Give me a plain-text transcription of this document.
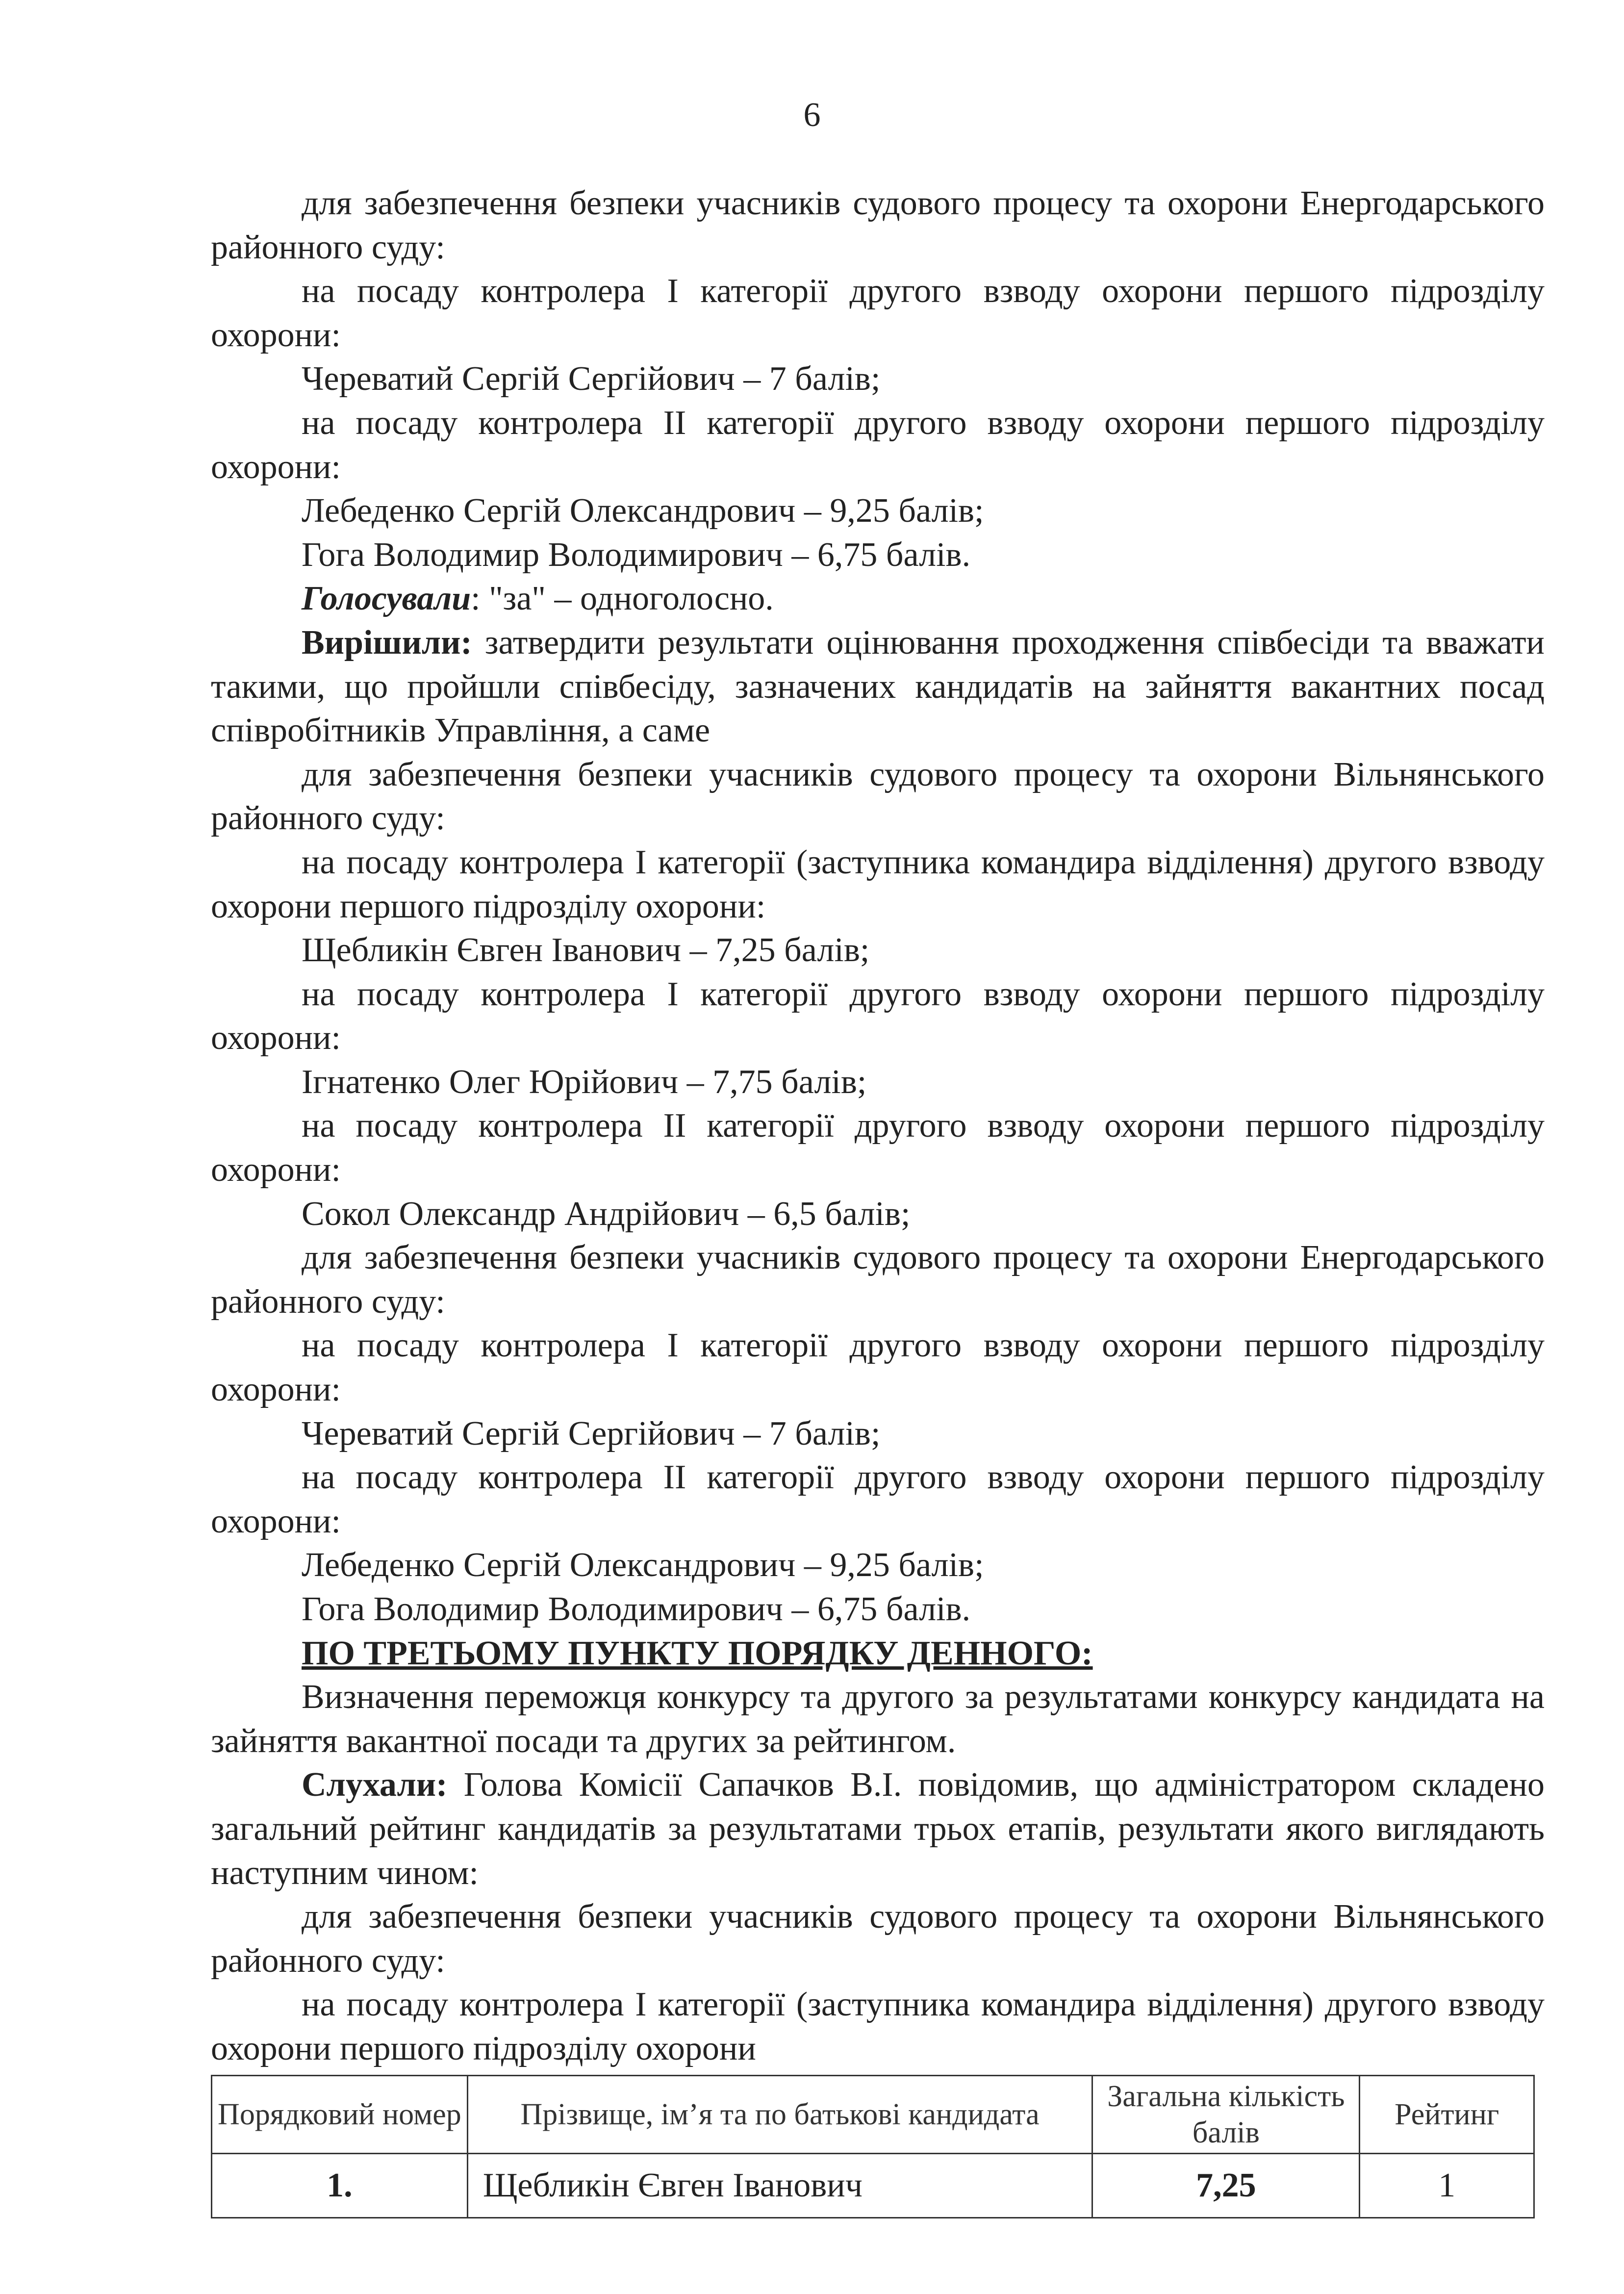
6

для забезпечення безпеки учасників судового процесу та охорони Енергодарського районного суду:

на посаду контролера І категорії другого взводу охорони першого підрозділу охорони:

Череватий Сергій Сергійович – 7 балів;

на посаду контролера ІІ категорії другого взводу охорони першого підрозділу охорони:

Лебеденко Сергій Олександрович – 9,25 балів;

Гога Володимир Володимирович – 6,75 балів.

Голосували: "за" – одноголосно.

Вирішили: затвердити результати оцінювання проходження співбесіди та вважати такими, що пройшли співбесіду, зазначених кандидатів на зайняття вакантних посад співробітників Управління, а саме

для забезпечення безпеки учасників судового процесу та охорони Вільнянського районного суду:

на посаду контролера І категорії (заступника командира відділення) другого взводу охорони першого підрозділу охорони:

Щебликін Євген Іванович – 7,25 балів;

на посаду контролера І категорії другого взводу охорони першого підрозділу охорони:

Ігнатенко Олег Юрійович – 7,75 балів;

на посаду контролера ІІ категорії другого взводу охорони першого підрозділу охорони:

Сокол Олександр Андрійович – 6,5 балів;

для забезпечення безпеки учасників судового процесу та охорони Енергодарського районного суду:

на посаду контролера І категорії другого взводу охорони першого підрозділу охорони:

Череватий Сергій Сергійович – 7 балів;

на посаду контролера ІІ категорії другого взводу охорони першого підрозділу охорони:

Лебеденко Сергій Олександрович – 9,25 балів;

Гога Володимир Володимирович – 6,75 балів.

ПО ТРЕТЬОМУ ПУНКТУ ПОРЯДКУ ДЕННОГО:

Визначення переможця конкурсу та другого за результатами конкурсу кандидата на зайняття вакантної посади та других за рейтингом.

Слухали: Голова Комісії Сапачков В.І. повідомив, що адміністратором складено загальний рейтинг кандидатів за результатами трьох етапів, результати якого виглядають наступним чином:

для забезпечення безпеки учасників судового процесу та охорони Вільнянського районного суду:

на посаду контролера І категорії (заступника командира відділення) другого взводу охорони першого підрозділу охорони

Порядковий номер	Прізвище, ім’я та по батькові кандидата	Загальна кількість балів	Рейтинг
1.	Щебликін Євген Іванович	7,25	1
